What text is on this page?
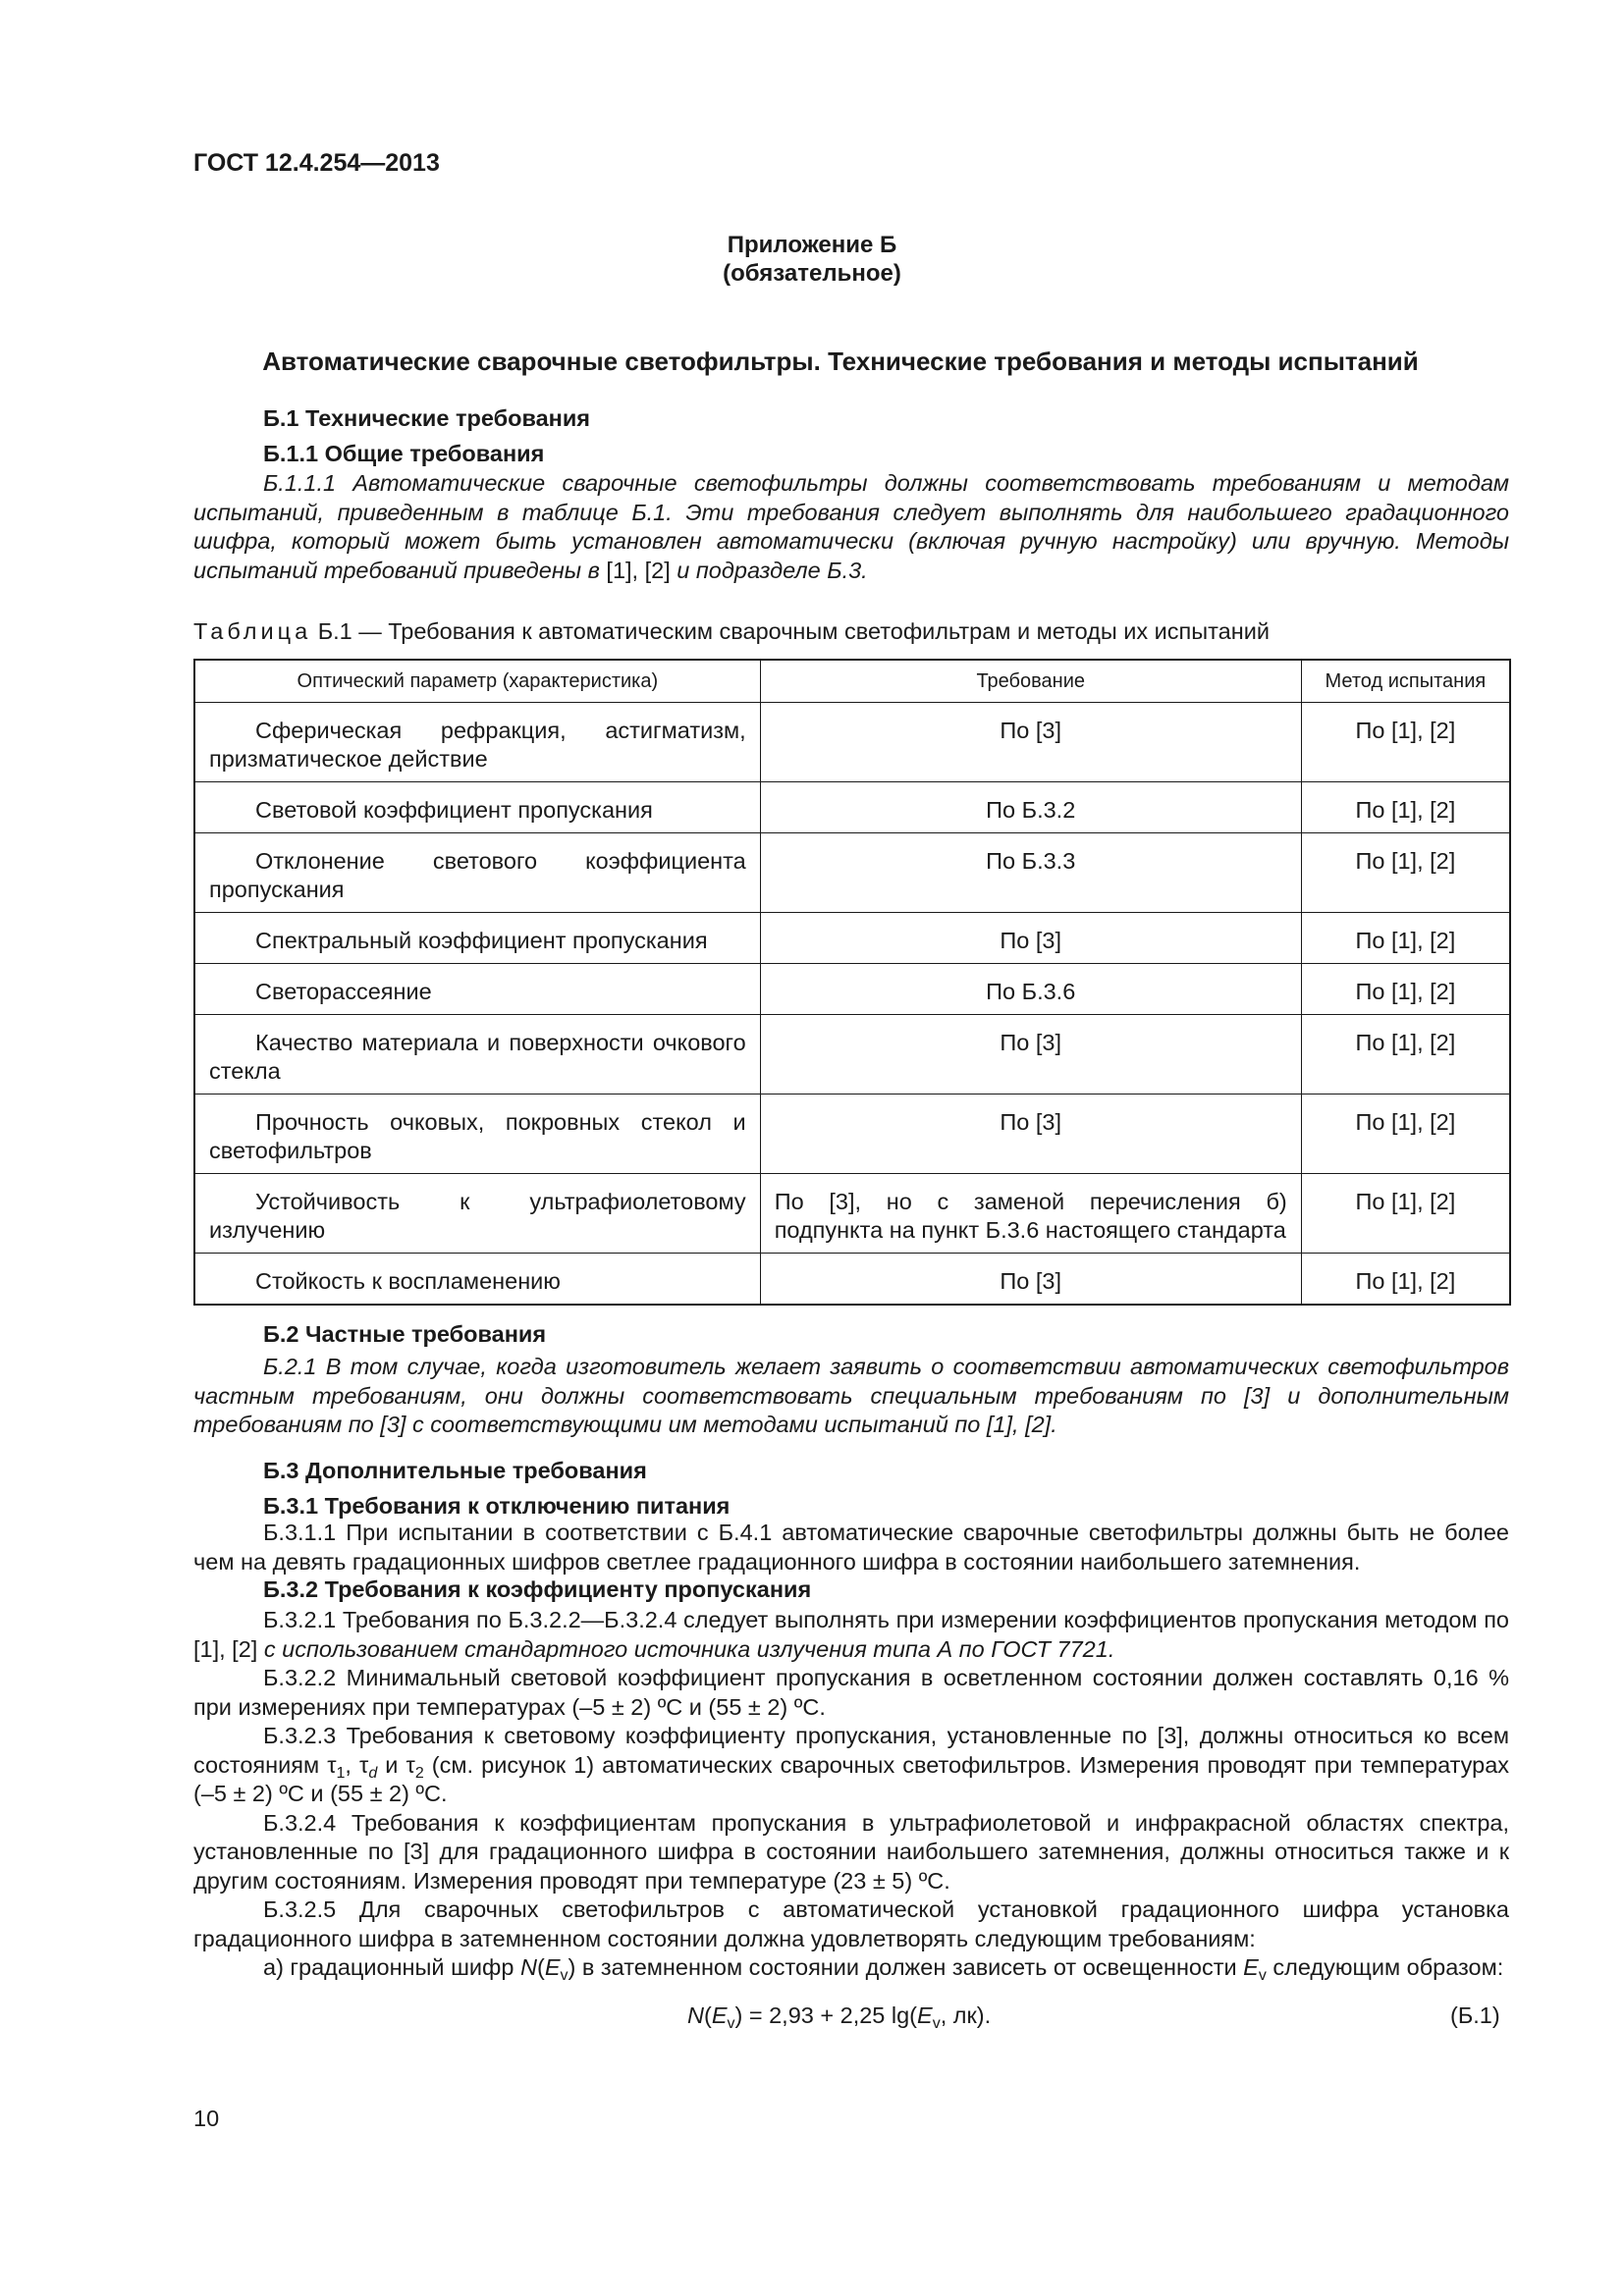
ГОСТ 12.4.254—2013
Приложение Б
(обязательное)
Автоматические сварочные светофильтры. Технические требования и методы испытаний
Б.1 Технические требования
Б.1.1 Общие требования

Б.1.1.1 Автоматические сварочные светофильтры должны соответствовать требованиям и методам испытаний, приведенным в таблице Б.1. Эти требования следует выполнять для наибольшего градационного шифра, который может быть установлен автоматически (включая ручную настройку) или вручную. Методы испытаний требований приведены в [1], [2] и подразделе Б.3.

Таблица Б.1 — Требования к автоматическим сварочным светофильтрам и методы их испытаний
Оптический параметр (характеристика)	Требование	Метод испытания
Сферическая рефракция, астигматизм, призматическое действие	По [3]	По [1], [2]
Световой коэффициент пропускания	По Б.3.2	По [1], [2]
Отклонение светового коэффициента пропускания	По Б.3.3	По [1], [2]
Спектральный коэффициент пропускания	По [3]	По [1], [2]
Светорассеяние	По Б.3.6	По [1], [2]
Качество материала и поверхности очкового стекла	По [3]	По [1], [2]
Прочность очковых, покровных стекол и светофильтров	По [3]	По [1], [2]
Устойчивость к ультрафиолетовому излучению	По [3], но с заменой перечисления б) подпункта на пункт Б.3.6 настоящего стандарта	По [1], [2]
Стойкость к воспламенению	По [3]	По [1], [2]
Б.2 Частные требования

Б.2.1 В том случае, когда изготовитель желает заявить о соответствии автоматических светофильтров частным требованиям, они должны соответствовать специальным требованиям по [3] и дополнительным требованиям по [3] с соответствующими им методами испытаний по [1], [2].

Б.3 Дополнительные требования
Б.3.1 Требования к отключению питания

Б.3.1.1 При испытании в соответствии с Б.4.1 автоматические сварочные светофильтры должны быть не более чем на девять градационных шифров светлее градационного шифра в состоянии наибольшего затемнения.

Б.3.2 Требования к коэффициенту пропускания

Б.3.2.1 Требования по Б.3.2.2—Б.3.2.4 следует выполнять при измерении коэффициентов пропускания методом по [1], [2] с использованием стандартного источника излучения типа А по ГОСТ 7721.

Б.3.2.2 Минимальный световой коэффициент пропускания в осветленном состоянии должен составлять 0,16 % при измерениях при температурах (–5 ± 2) ºС и (55 ± 2) ºС.

Б.3.2.3 Требования к световому коэффициенту пропускания, установленные по [3], должны относиться ко всем состояниям $\tau_1$, $\tau_d$ и $\tau_2$ (см. рисунок 1) автоматических сварочных светофильтров. Измерения проводят при температурах (–5 ± 2) ºС и (55 ± 2) ºС.

Б.3.2.4 Требования к коэффициентам пропускания в ультрафиолетовой и инфракрасной областях спектра, установленные по [3] для градационного шифра в состоянии наибольшего затемнения, должны относиться также и к другим состояниям. Измерения проводят при температуре (23 ± 5) ºС.

Б.3.2.5 Для сварочных светофильтров с автоматической установкой градационного шифра установка градационного шифра в затемненном состоянии должна удовлетворять следующим требованиям:

а) градационный шифр $N(E_v)$ в затемненном состоянии должен зависеть от освещенности $E_v$ следующим образом:

$N(E_v) = 2,93 + 2,25$ $\lg(E_v$, лк).	(Б.1)
10
